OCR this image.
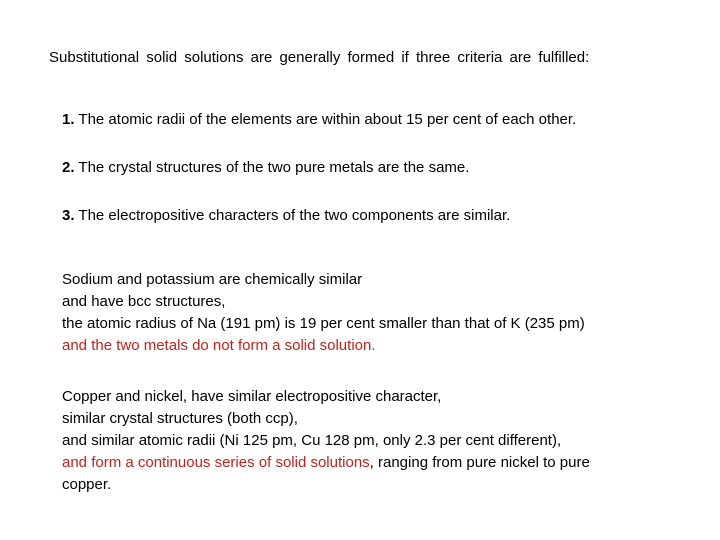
Substitutional solid solutions are generally formed if three criteria are fulfilled:
1. The atomic radii of the elements are within about 15 per cent of each other.
2. The crystal structures of the two pure metals are the same.
3. The electropositive characters of the two components are similar.
Sodium and potassium are chemically similar
and have bcc structures,
the atomic radius of Na (191 pm) is 19 per cent smaller than that of K (235 pm)
and the two metals do not form a solid solution.
Copper and nickel, have similar electropositive character,
similar crystal structures (both ccp),
and similar atomic radii (Ni 125 pm, Cu 128 pm, only 2.3 per cent different),
and form a continuous series of solid solutions, ranging from pure nickel to pure
copper.
